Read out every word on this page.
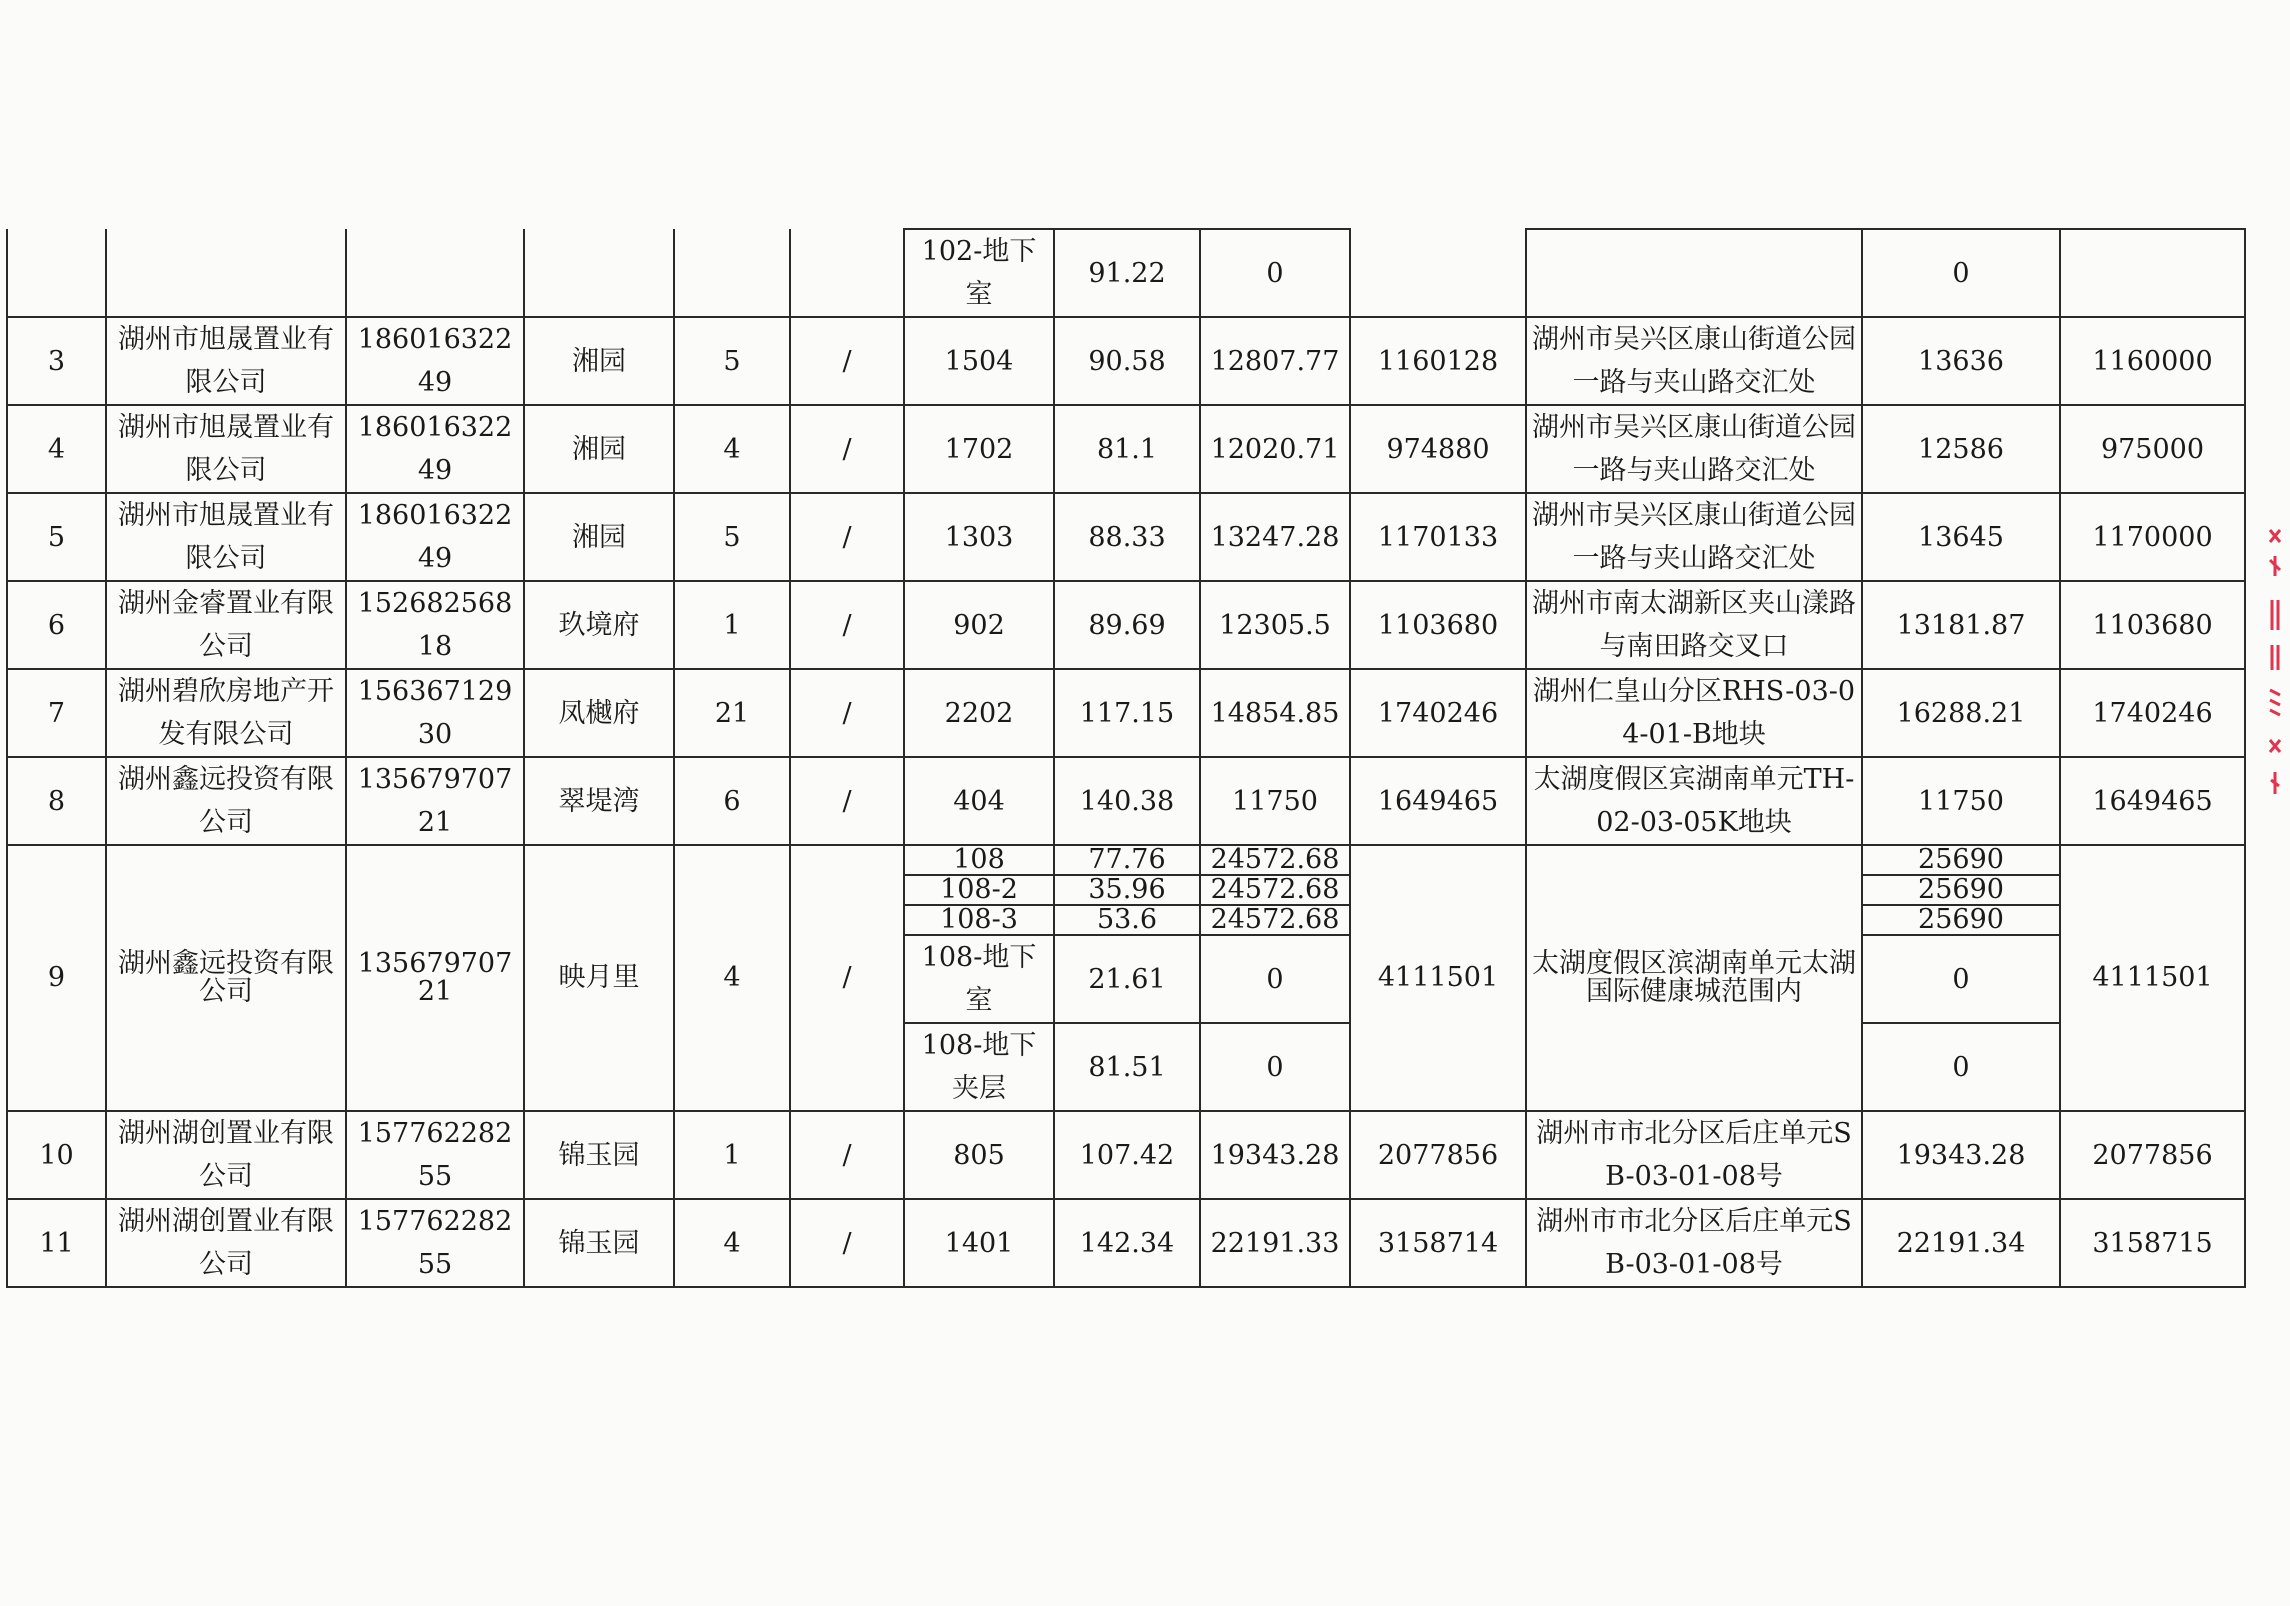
						102-地下室	91.22	0			0	
3	湖州市旭晟置业有限公司	18601632249	湘园	5	/	1504	90.58	12807.77	1160128	湖州市吴兴区康山街道公园一路与夹山路交汇处	13636	1160000
4	湖州市旭晟置业有限公司	18601632249	湘园	4	/	1702	81.1	12020.71	974880	湖州市吴兴区康山街道公园一路与夹山路交汇处	12586	975000
5	湖州市旭晟置业有限公司	18601632249	湘园	5	/	1303	88.33	13247.28	1170133	湖州市吴兴区康山街道公园一路与夹山路交汇处	13645	1170000
6	湖州金睿置业有限公司	15268256818	玖境府	1	/	902	89.69	12305.5	1103680	湖州市南太湖新区夹山漾路与南田路交叉口	13181.87	1103680
7	湖州碧欣房地产开发有限公司	15636712930	凤樾府	21	/	2202	117.15	14854.85	1740246	湖州仁皇山分区RHS-03-04-01-B地块	16288.21	1740246
8	湖州鑫远投资有限公司	13567970721	翠堤湾	6	/	404	140.38	11750	1649465	太湖度假区宾湖南单元TH-02-03-05K地块	11750	1649465
9	湖州鑫远投资有限公司	13567970721	映月里	4	/	108	77.76	24572.68	4111501	太湖度假区滨湖南单元太湖国际健康城范围内	25690	4111501
						108-2	35.96	24572.68			25690	
						108-3	53.6	24572.68			25690	
						108-地下室	21.61	0			0	
						108-地下夹层	81.51	0			0	
10	湖州湖创置业有限公司	15776228255	锦玉园	1	/	805	107.42	19343.28	2077856	湖州市市北分区后庄单元SB-03-01-08号	19343.28	2077856
11	湖州湖创置业有限公司	15776228255	锦玉园	4	/	1401	142.34	22191.33	3158714	湖州市市北分区后庄单元SB-03-01-08号	22191.34	3158715
